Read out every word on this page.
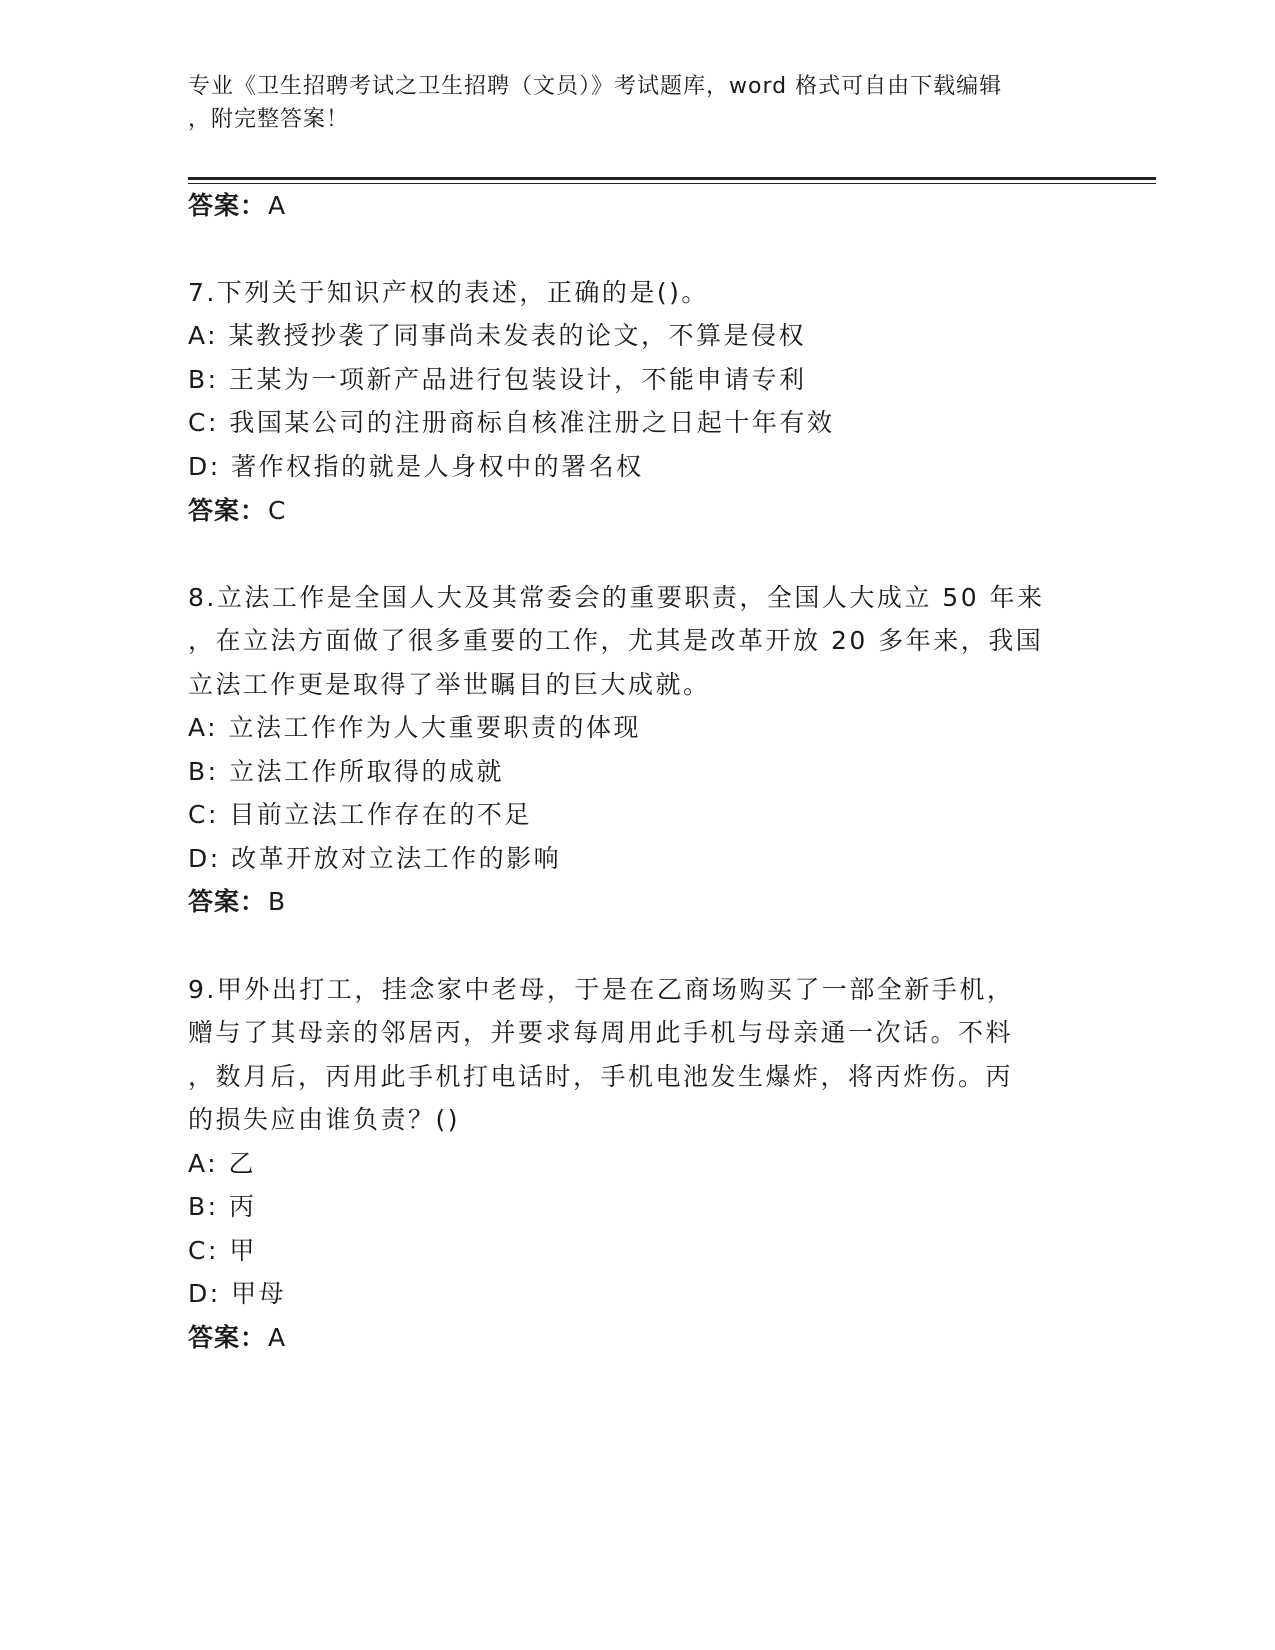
专业《卫生招聘考试之卫生招聘（文员）》考试题库，word 格式可自由下载编辑
，附完整答案！
答案：A
7.下列关于知识产权的表述，正确的是()。
A: 某教授抄袭了同事尚未发表的论文，不算是侵权
B: 王某为一项新产品进行包装设计，不能申请专利
C: 我国某公司的注册商标自核准注册之日起十年有效
D: 著作权指的就是人身权中的署名权
答案：C
8.立法工作是全国人大及其常委会的重要职责，全国人大成立 50 年来
，在立法方面做了很多重要的工作，尤其是改革开放 20 多年来，我国
立法工作更是取得了举世瞩目的巨大成就。
A: 立法工作作为人大重要职责的体现
B: 立法工作所取得的成就
C: 目前立法工作存在的不足
D: 改革开放对立法工作的影响
答案：B
9.甲外出打工，挂念家中老母，于是在乙商场购买了一部全新手机，
赠与了其母亲的邻居丙，并要求每周用此手机与母亲通一次话。不料
，数月后，丙用此手机打电话时，手机电池发生爆炸，将丙炸伤。丙
的损失应由谁负责？()
A: 乙
B: 丙
C: 甲
D: 甲母
答案：A
